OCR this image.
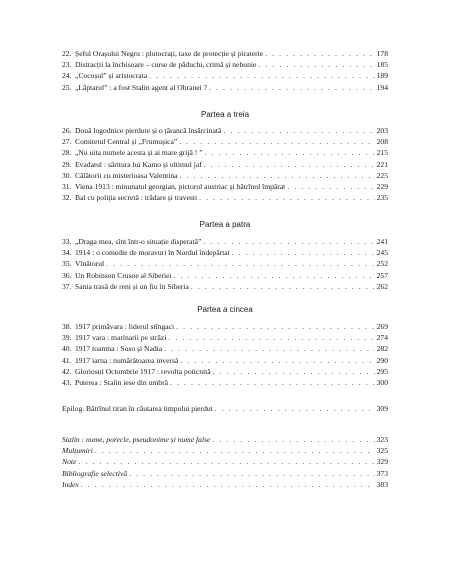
22. Șeful Orașului Negru : plutocrați, taxe de protecție și piraterie . . .	178
23. Distracții la închisoare – curse de păduchi, crimă și nebunie . . .	185
24. „Cocoșul” și aristocrata . . .	189
25. „Lăptarul” : a fost Stalin agent al Ohranei ? . . .	194
Partea a treia
26. Două logodnice pierdute și o țărancă însărcinată . . .	203
27. Comitetul Central și „Frumușica” . . .	208
28. „Nu uita numele acesta și ai mare grijă ! ” . . .	215
29. Evadatul : săritura lui Kamo și ultimul jaf . . .	221
30. Călătorii cu misterioasa Valentina . . .	225
31. Viena 1913 : minunatul georgian, pictorul austriac și bătrînul împărat . . .	229
32. Bal cu poliția secretă : trădare și travesti . . .	235
Partea a patra
33. „Draga mea, sînt într-o situație disperată” . . .	241
34. 1914 : o comedie de moravuri în Nordul îndepărtat . . .	245
35. Vînătorul . . .	252
36. Un Robinson Crusoe al Siberiei . . .	257
37. Sania trasă de reni și un fiu în Siberia . . .	262
Partea a cincea
38. 1917 primăvara : liderul stîngaci . . .	269
39. 1917 vara : marinarii pe străzi . . .	274
40. 1917 toamna : Soso și Nadia . . .	282
41. 1917 iarna : numărătoarea inversă . . .	290
42. Gloriosul Octombrie 1917 : revolta poticnită . . .	295
43. Puterea : Stalin iese din umbră . . .	300
Epilog. Bătrînul tiran în căutarea timpului pierdut . . .	309
Stalin : nume, porecle, pseudonime și nume false . . .	323
Mulțumiri . . .	325
Note . . .	329
Bibliografie selectivă . . .	373
Index . . .	383
